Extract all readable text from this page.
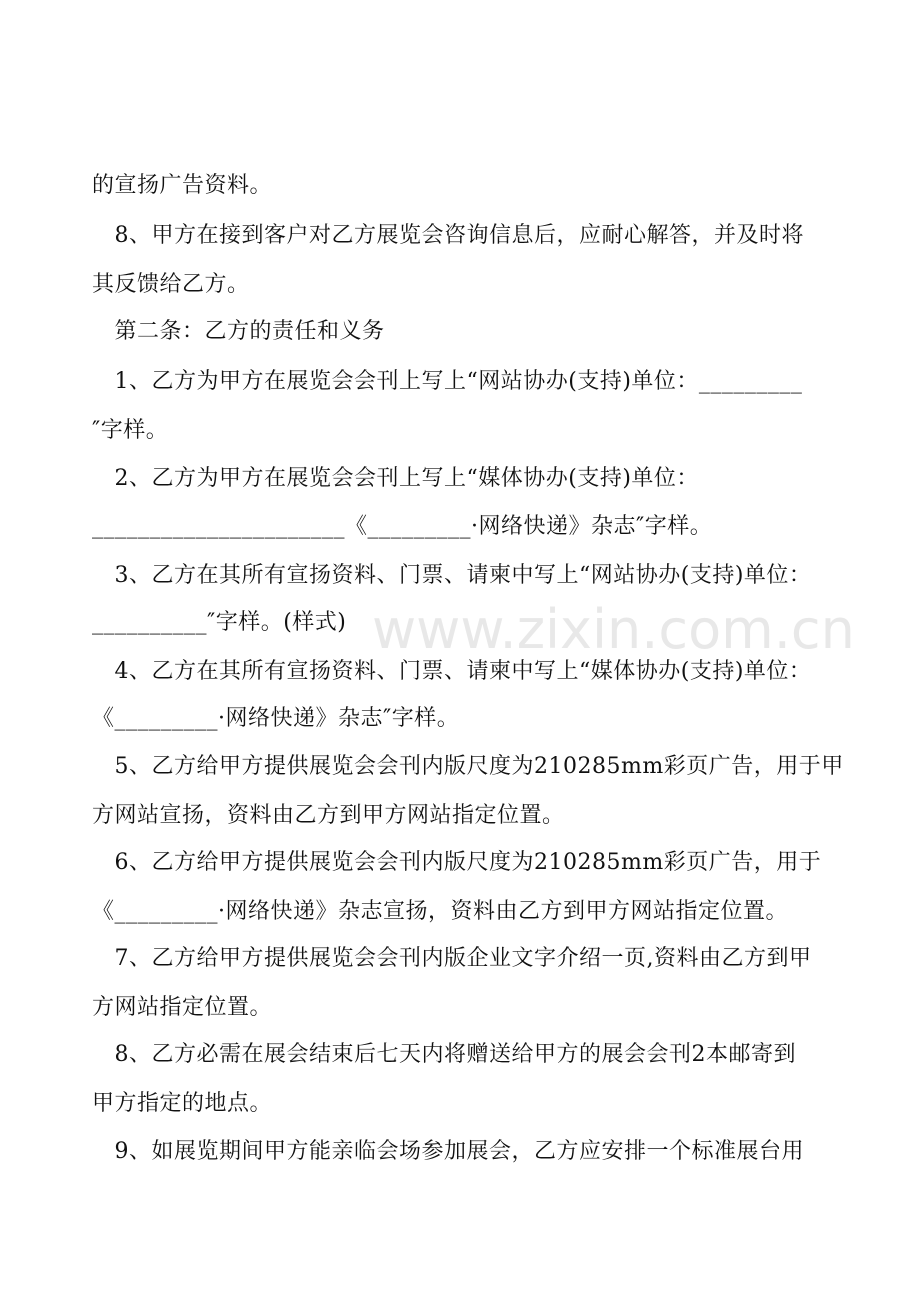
www.zixin.com.cn
的宣扬广告资料。
　8、甲方在接到客户对乙方展览会咨询信息后，应耐心解答，并及时将
其反馈给乙方。
　第二条：乙方的责任和义务
　1、乙方为甲方在展览会会刊上写上“网站协办(支持)单位：_________
″字样。
　2、乙方为甲方在展览会会刊上写上“媒体协办(支持)单位：
______________________《_________·网络快递》杂志″字样。
　3、乙方在其所有宣扬资料、门票、请柬中写上“网站协办(支持)单位：
__________″字样。(样式)
　4、乙方在其所有宣扬资料、门票、请柬中写上“媒体协办(支持)单位：
《_________·网络快递》杂志″字样。
　5、乙方给甲方提供展览会会刊内版尺度为210285mm彩页广告，用于甲
方网站宣扬，资料由乙方到甲方网站指定位置。
　6、乙方给甲方提供展览会会刊内版尺度为210285mm彩页广告，用于
《_________·网络快递》杂志宣扬，资料由乙方到甲方网站指定位置。
　7、乙方给甲方提供展览会会刊内版企业文字介绍一页,资料由乙方到甲
方网站指定位置。
　8、乙方必需在展会结束后七天内将赠送给甲方的展会会刊2本邮寄到
甲方指定的地点。
　9、如展览期间甲方能亲临会场参加展会，乙方应安排一个标准展台用
